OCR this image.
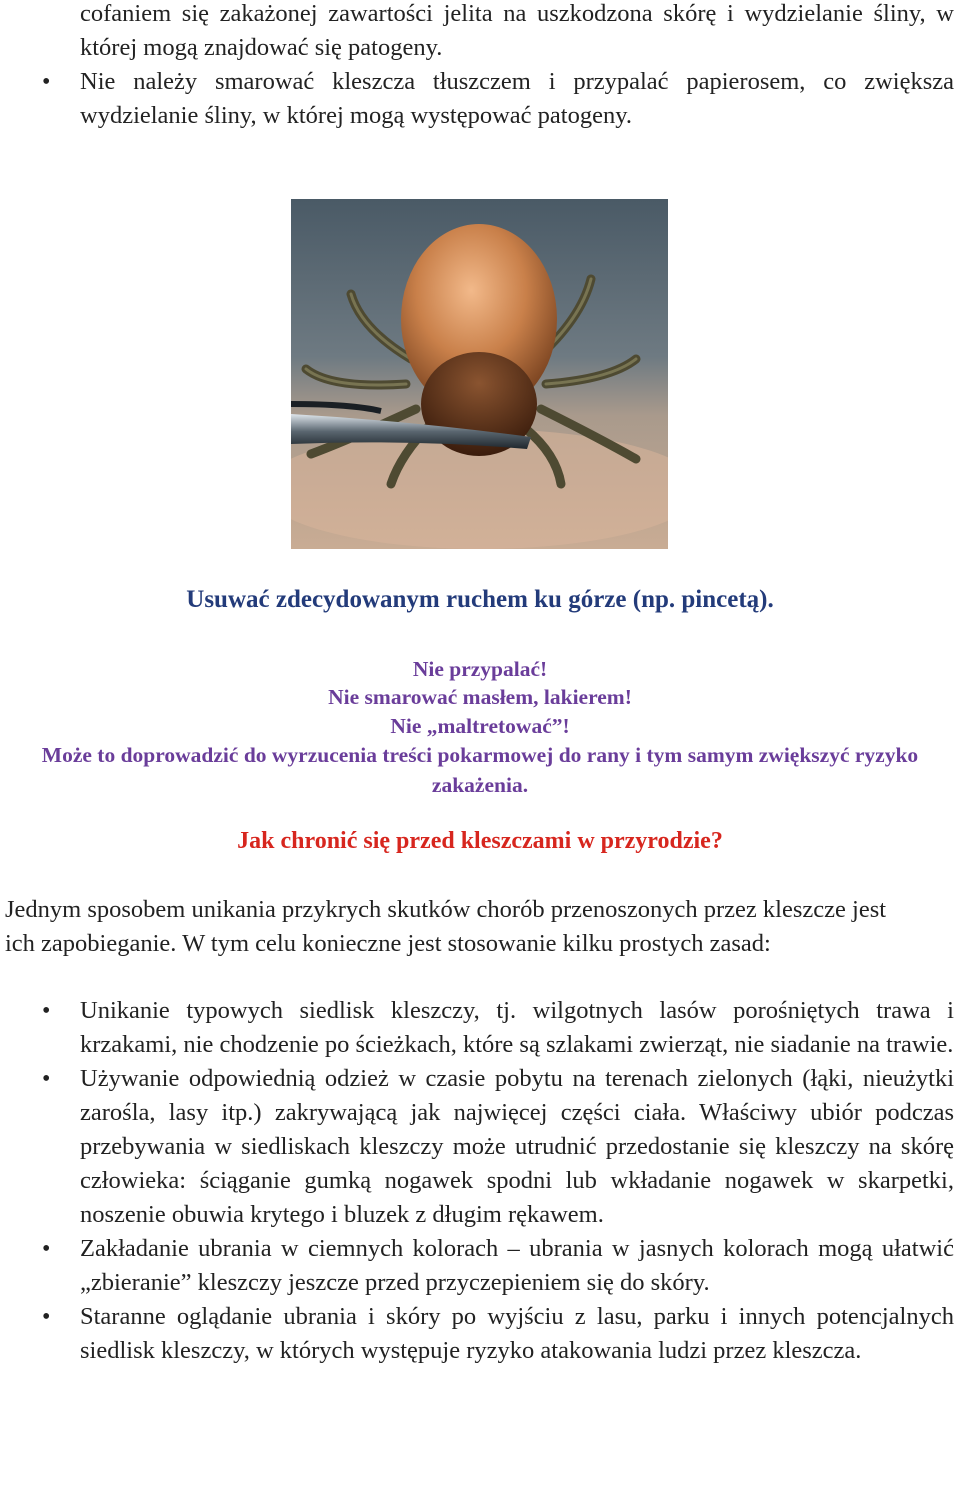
cofaniem się zakażonej zawartości jelita na uszkodzona skórę i wydzielanie śliny, w której mogą znajdować się patogeny.
• Nie należy smarować kleszcza tłuszczem i przypalać papierosem, co zwiększa wydzielanie śliny, w której mogą występować patogeny.
Usuwać zdecydowanym ruchem ku górze (np. pincetą).
Nie przypalać!
Nie smarować masłem, lakierem!
Nie „maltretować”!
Może to doprowadzić do wyrzucenia treści pokarmowej do rany i tym samym zwiększyć ryzyko zakażenia.
Jak chronić się przed kleszczami w przyrodzie?
Jednym sposobem unikania przykrych skutków chorób przenoszonych przez kleszcze jest ich zapobieganie. W tym celu konieczne jest stosowanie kilku prostych zasad:
• Unikanie typowych siedlisk kleszczy, tj. wilgotnych lasów porośniętych trawa i krzakami, nie chodzenie po ścieżkach, które są szlakami zwierząt, nie siadanie na trawie.
• Używanie odpowiednią odzież w czasie pobytu na terenach zielonych (łąki, nieużytki zarośla, lasy itp.) zakrywającą jak najwięcej części ciała. Właściwy ubiór podczas przebywania w siedliskach kleszczy może utrudnić przedostanie się kleszczy na skórę człowieka: ściąganie gumką nogawek spodni lub wkładanie nogawek w skarpetki, noszenie obuwia krytego i bluzek z długim rękawem.
• Zakładanie ubrania w ciemnych kolorach – ubrania w jasnych kolorach mogą ułatwić „zbieranie” kleszczy jeszcze przed przyczepieniem się do skóry.
• Staranne oglądanie ubrania i skóry po wyjściu z lasu, parku i innych potencjalnych siedlisk kleszczy, w których występuje ryzyko atakowania ludzi przez kleszcza.
